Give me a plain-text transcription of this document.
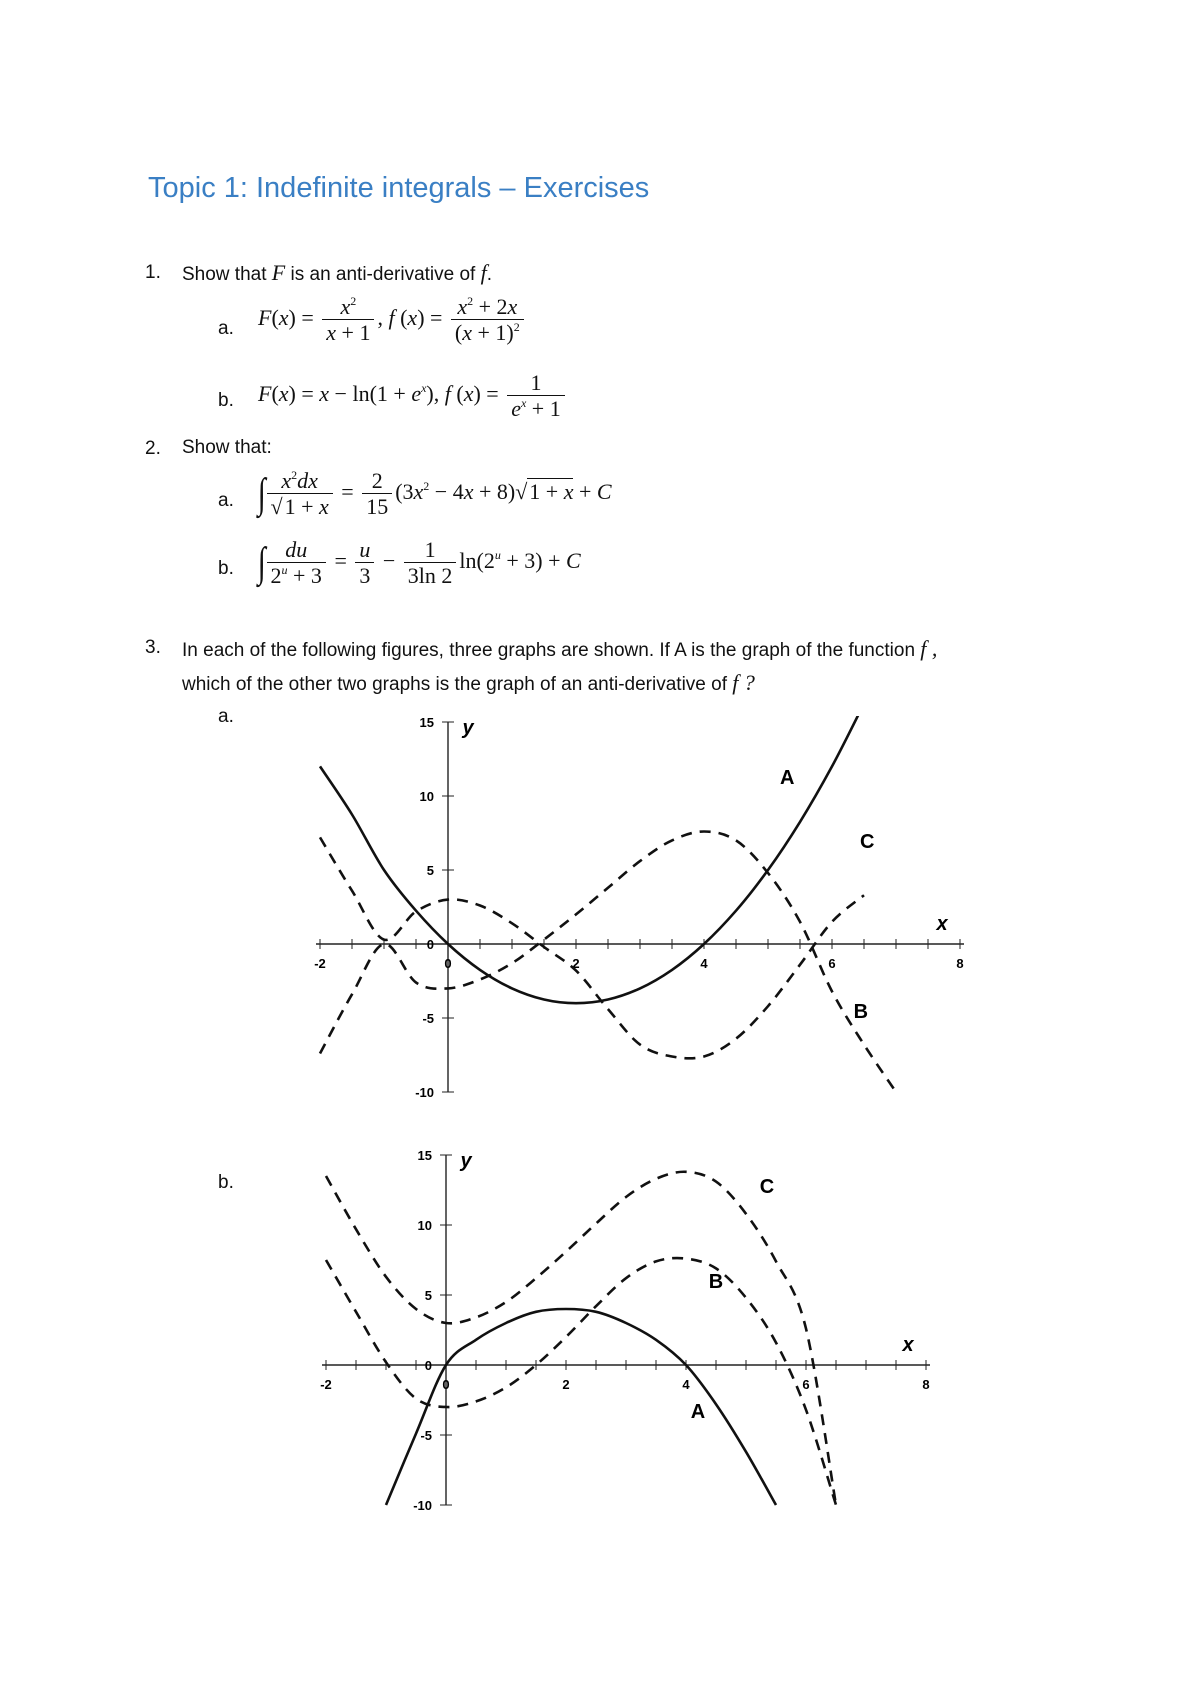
Topic 1: Indefinite integrals – Exercises
1. Show that F is an anti-derivative of f.
a. $F(x) = \frac{x^2}{x + 1}$ , f $(x) = \frac{x^2 + 2x}{(x + 1)^2}$
b. $F(x) = x - \ln(1 + e^x)$, f $(x) = \frac{1}{e^x + 1}$
2. Show that:
a. ∫ $\frac{x^2dx}{√1 + x} = \frac{2}{15} (3x^2 - 4x + 8)√1 + x + C$
b. ∫ $\frac{du}{2^u + 3} = \frac{u}{3} - \frac{1}{3\ln 2} \ln(2^u + 3) + C$
3. In each of the following figures, three graphs are shown. If A is the graph of the function f ,
which of the other two graphs is the graph of an anti-derivative of f ?
a.
b.
-2	0	2	4	6	8
15
10
5
0
-5
-10
x
y
A
B
C
-2	0	2	4	6	8
15
10
5
0
-5
-10
x
y
A
B
C
